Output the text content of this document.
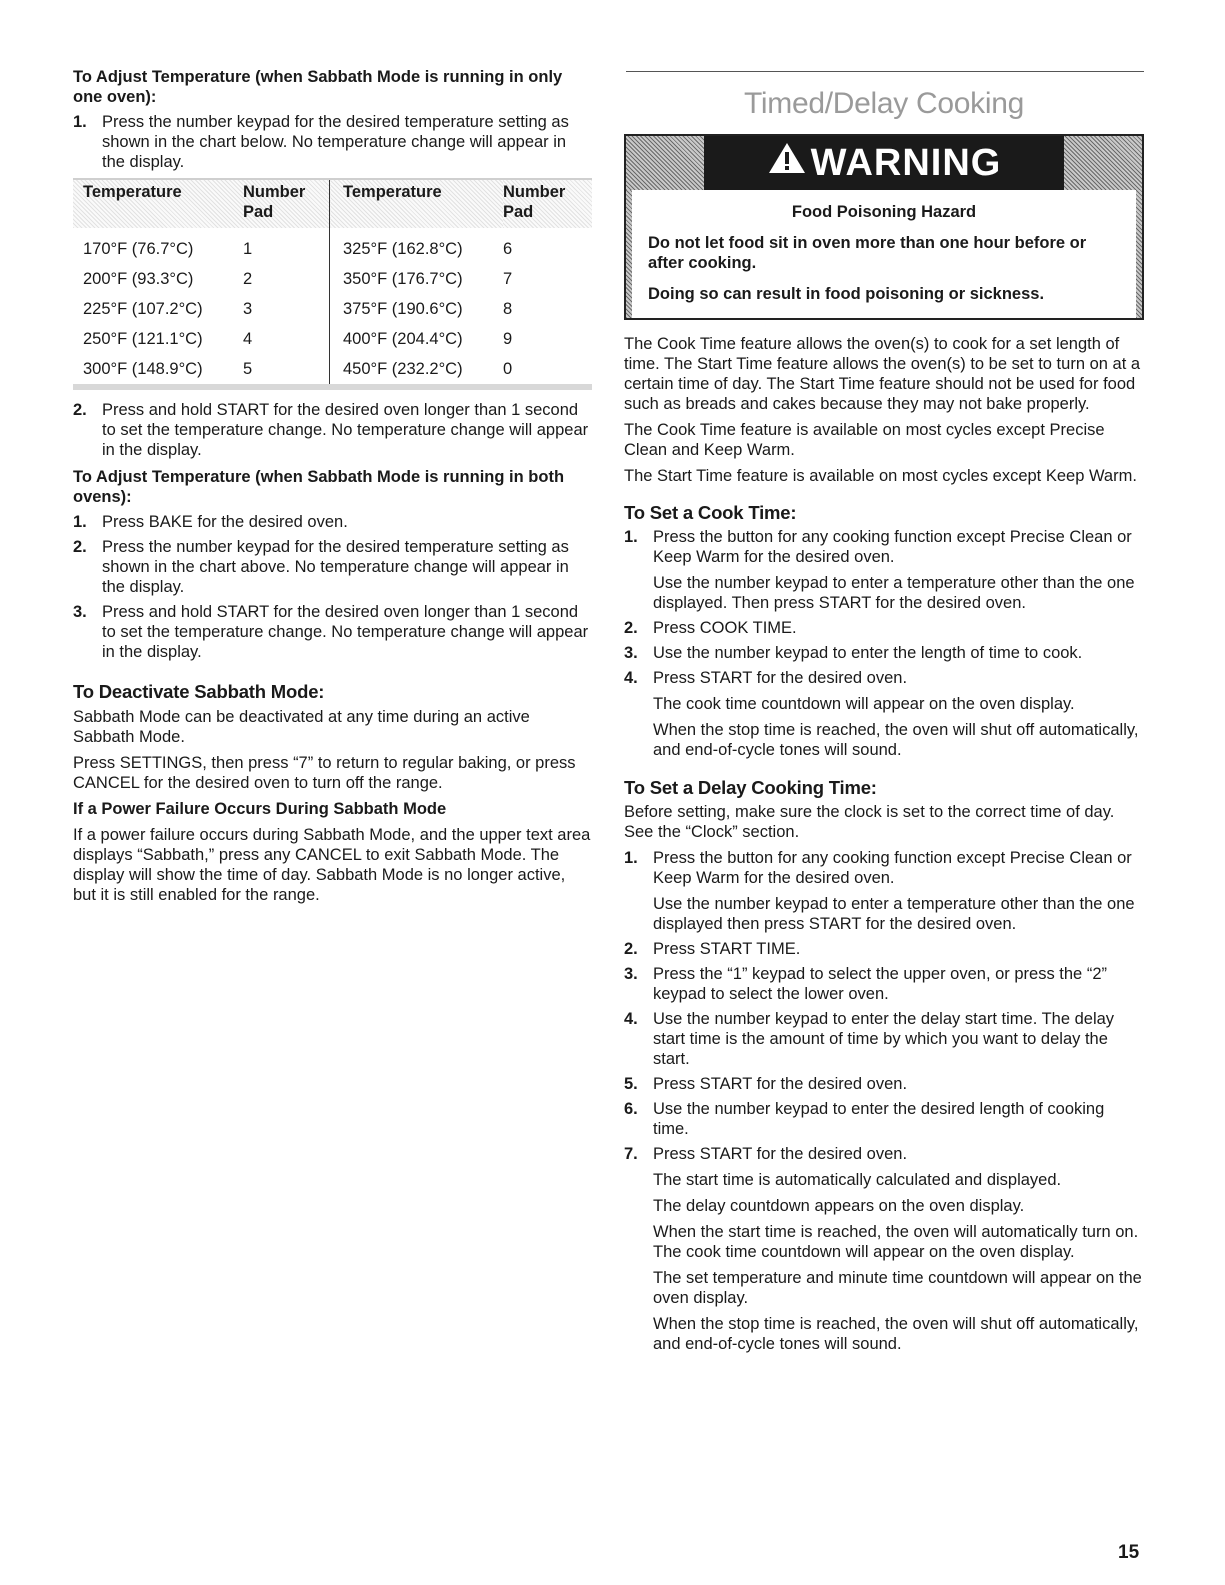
To Adjust Temperature (when Sabbath Mode is running in only one oven):

1. Press the number keypad for the desired temperature setting as shown in the chart below. No temperature change will appear in the display.
Temperature	Number Pad	Temperature	Number Pad
170°F (76.7°C)	1	325°F (162.8°C)	6
200°F (93.3°C)	2	350°F (176.7°C)	7
225°F (107.2°C)	3	375°F (190.6°C)	8
250°F (121.1°C)	4	400°F (204.4°C)	9
300°F (148.9°C)	5	450°F (232.2°C)	0
2. Press and hold START for the desired oven longer than 1 second to set the temperature change. No temperature change will appear in the display.

To Adjust Temperature (when Sabbath Mode is running in both ovens):

1. Press BAKE for the desired oven.
2. Press the number keypad for the desired temperature setting as shown in the chart above. No temperature change will appear in the display.
3. Press and hold START for the desired oven longer than 1 second to set the temperature change. No temperature change will appear in the display.

To Deactivate Sabbath Mode:

Sabbath Mode can be deactivated at any time during an active Sabbath Mode.

Press SETTINGS, then press “7” to return to regular baking, or press CANCEL for the desired oven to turn off the range.

If a Power Failure Occurs During Sabbath Mode

If a power failure occurs during Sabbath Mode, and the upper text area displays “Sabbath,” press any CANCEL to exit Sabbath Mode. The display will show the time of day. Sabbath Mode is no longer active, but it is still enabled for the range.

Timed/Delay Cooking
WARNING

Food Poisoning Hazard

Do not let food sit in oven more than one hour before or after cooking.

Doing so can result in food poisoning or sickness.

The Cook Time feature allows the oven(s) to cook for a set length of time. The Start Time feature allows the oven(s) to be set to turn on at a certain time of day. The Start Time feature should not be used for food such as breads and cakes because they may not bake properly.

The Cook Time feature is available on most cycles except Precise Clean and Keep Warm.

The Start Time feature is available on most cycles except Keep Warm.

To Set a Cook Time:

1. Press the button for any cooking function except Precise Clean or Keep Warm for the desired oven.
Use the number keypad to enter a temperature other than the one displayed. Then press START for the desired oven.
2. Press COOK TIME.
3. Use the number keypad to enter the length of time to cook.
4. Press START for the desired oven.
The cook time countdown will appear on the oven display.
When the stop time is reached, the oven will shut off automatically, and end-of-cycle tones will sound.

To Set a Delay Cooking Time:

Before setting, make sure the clock is set to the correct time of day. See the “Clock” section.

1. Press the button for any cooking function except Precise Clean or Keep Warm for the desired oven.
Use the number keypad to enter a temperature other than the one displayed then press START for the desired oven.
2. Press START TIME.
3. Press the “1” keypad to select the upper oven, or press the “2” keypad to select the lower oven.
4. Use the number keypad to enter the delay start time. The delay start time is the amount of time by which you want to delay the start.
5. Press START for the desired oven.
6. Use the number keypad to enter the desired length of cooking time.
7. Press START for the desired oven.
The start time is automatically calculated and displayed.
The delay countdown appears on the oven display.
When the start time is reached, the oven will automatically turn on. The cook time countdown will appear on the oven display.
The set temperature and minute time countdown will appear on the oven display.
When the stop time is reached, the oven will shut off automatically, and end-of-cycle tones will sound.
15
